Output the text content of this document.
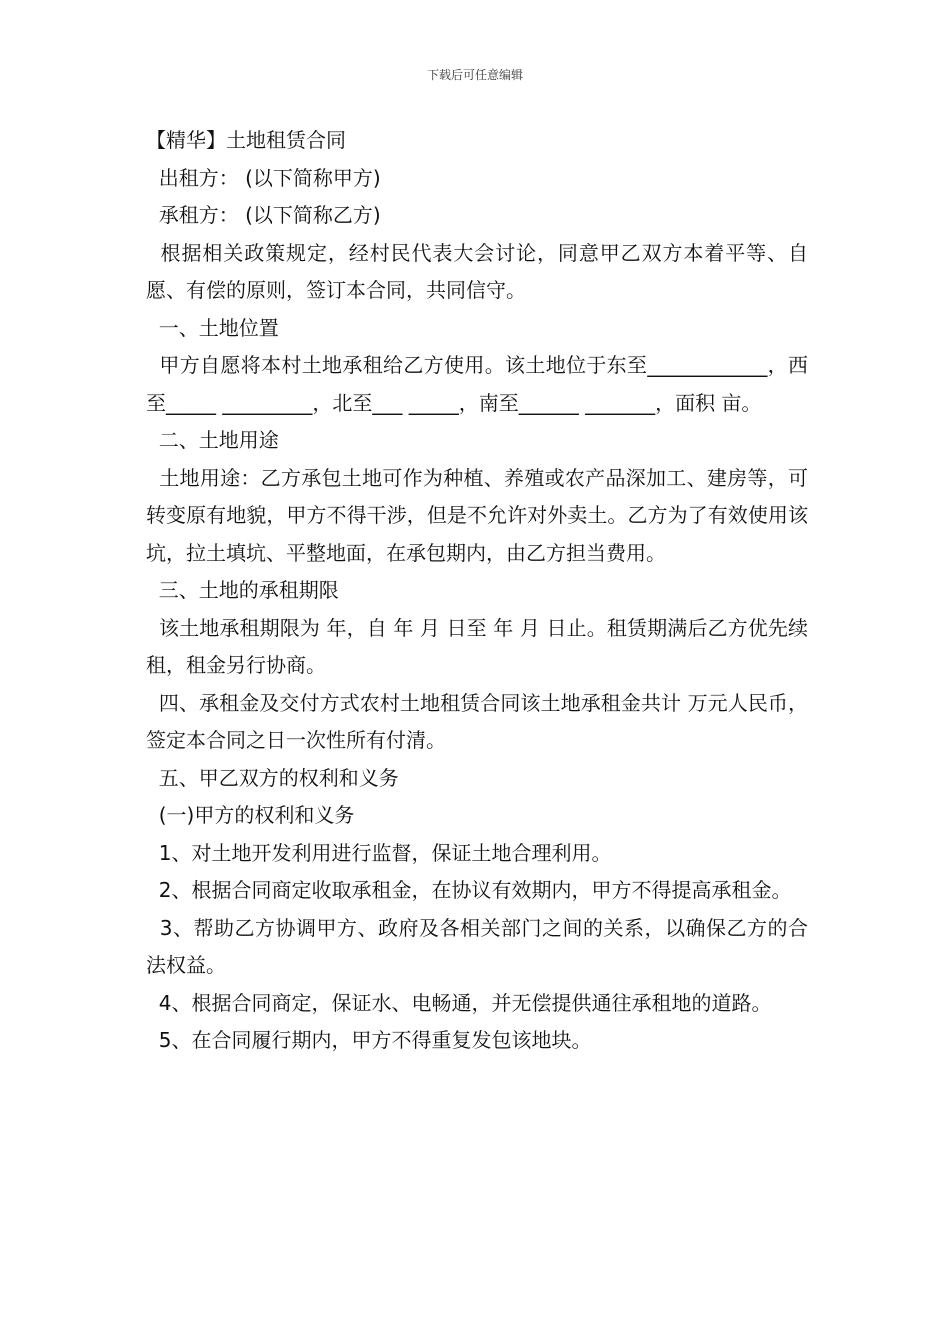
下载后可任意编辑

【精华】土地租赁合同

出租方： (以下简称甲方)

承租方： (以下简称乙方)

根据相关政策规定，经村民代表大会讨论，同意甲乙双方本着平等、自愿、有偿的原则，签订本合同，共同信守。

一、土地位置

甲方自愿将本村土地承租给乙方使用。该土地位于东至____________，西至_____ _________，北至___ _____，南至______ _______，面积 亩。

二、土地用途

土地用途：乙方承包土地可作为种植、养殖或农产品深加工、建房等，可转变原有地貌，甲方不得干涉，但是不允许对外卖土。乙方为了有效使用该坑，拉土填坑、平整地面，在承包期内，由乙方担当费用。

三、土地的承租期限

该土地承租期限为 年，自 年 月 日至 年 月 日止。租赁期满后乙方优先续租，租金另行协商。

四、承租金及交付方式农村土地租赁合同该土地承租金共计 万元人民币，签定本合同之日一次性所有付清。

五、甲乙双方的权利和义务

(一)甲方的权利和义务

1、对土地开发利用进行监督，保证土地合理利用。

2、根据合同商定收取承租金，在协议有效期内，甲方不得提高承租金。

3、帮助乙方协调甲方、政府及各相关部门之间的关系，以确保乙方的合法权益。

4、根据合同商定，保证水、电畅通，并无偿提供通往承租地的道路。

5、在合同履行期内，甲方不得重复发包该地块。
